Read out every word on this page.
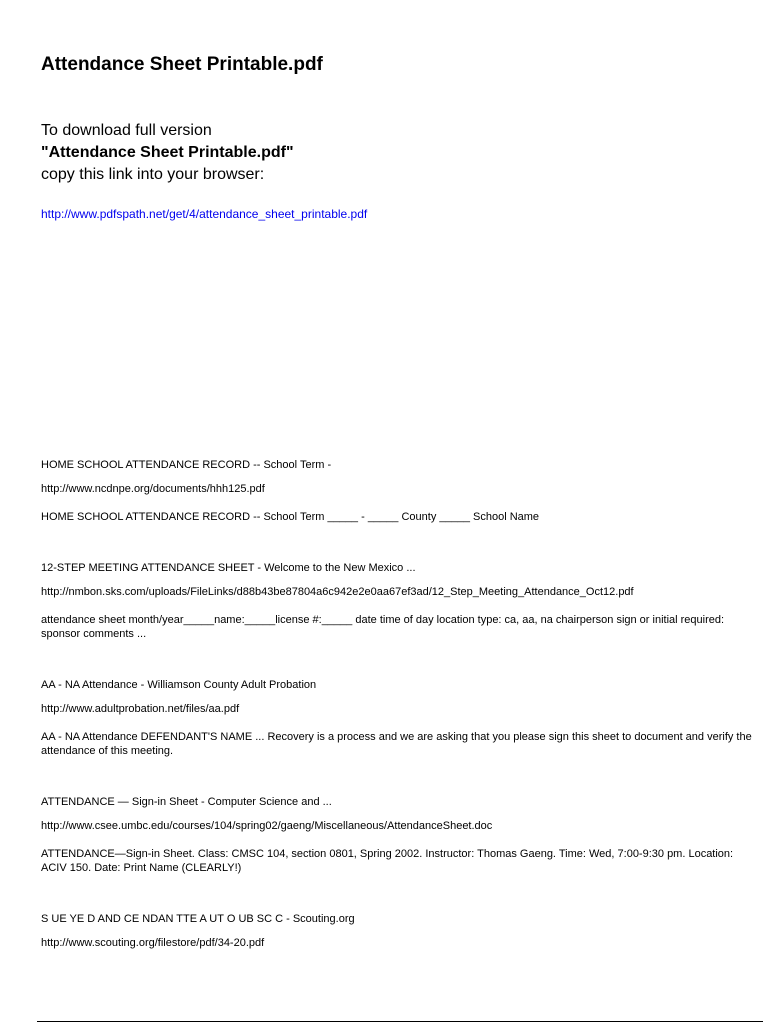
Attendance Sheet Printable.pdf
To download full version
"Attendance Sheet Printable.pdf"
copy this link into your browser:
http://www.pdfspath.net/get/4/attendance_sheet_printable.pdf

HOME SCHOOL ATTENDANCE RECORD -- School Term -

http://www.ncdnpe.org/documents/hhh125.pdf

HOME SCHOOL ATTENDANCE RECORD -- School Term _____ - _____ County _____ School Name

12-STEP MEETING ATTENDANCE SHEET - Welcome to the New Mexico ...

http://nmbon.sks.com/uploads/FileLinks/d88b43be87804a6c942e2e0aa67ef3ad/12_Step_Meeting_Attendance_Oct12.pdf

attendance sheet month/year_____name:_____license #:_____ date time of day location type: ca, aa, na chairperson sign or initial required: sponsor comments ...

AA - NA Attendance - Williamson County Adult Probation

http://www.adultprobation.net/files/aa.pdf

AA - NA Attendance DEFENDANT'S NAME ... Recovery is a process and we are asking that you please sign this sheet to document and verify the attendance of this meeting.

ATTENDANCE — Sign-in Sheet - Computer Science and ...

http://www.csee.umbc.edu/courses/104/spring02/gaeng/Miscellaneous/AttendanceSheet.doc

ATTENDANCE—Sign-in Sheet. Class: CMSC 104, section 0801, Spring 2002. Instructor: Thomas Gaeng. Time: Wed, 7:00-9:30 pm. Location: ACIV 150. Date: Print Name (CLEARLY!)

S UE YE D AND CE NDAN TTE A UT O UB SC C - Scouting.org

http://www.scouting.org/filestore/pdf/34-20.pdf
